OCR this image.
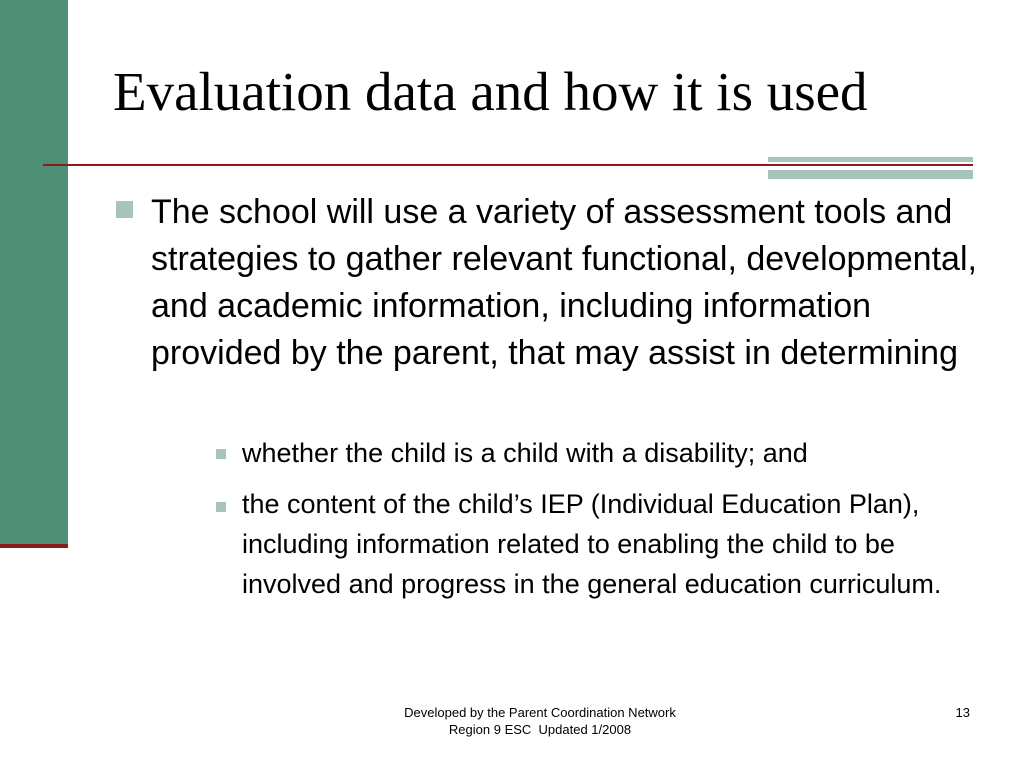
Evaluation data and how it is used

The school will use a variety of assessment tools and strategies to gather relevant functional, developmental, and academic information, including information provided by the parent, that may assist in determining

whether the child is a child with a disability; and

the content of the child’s IEP (Individual Education Plan), including information related to enabling the child to be involved and progress in the general education curriculum.

Developed by the Parent Coordination Network
Region 9 ESC  Updated 1/2008
13
